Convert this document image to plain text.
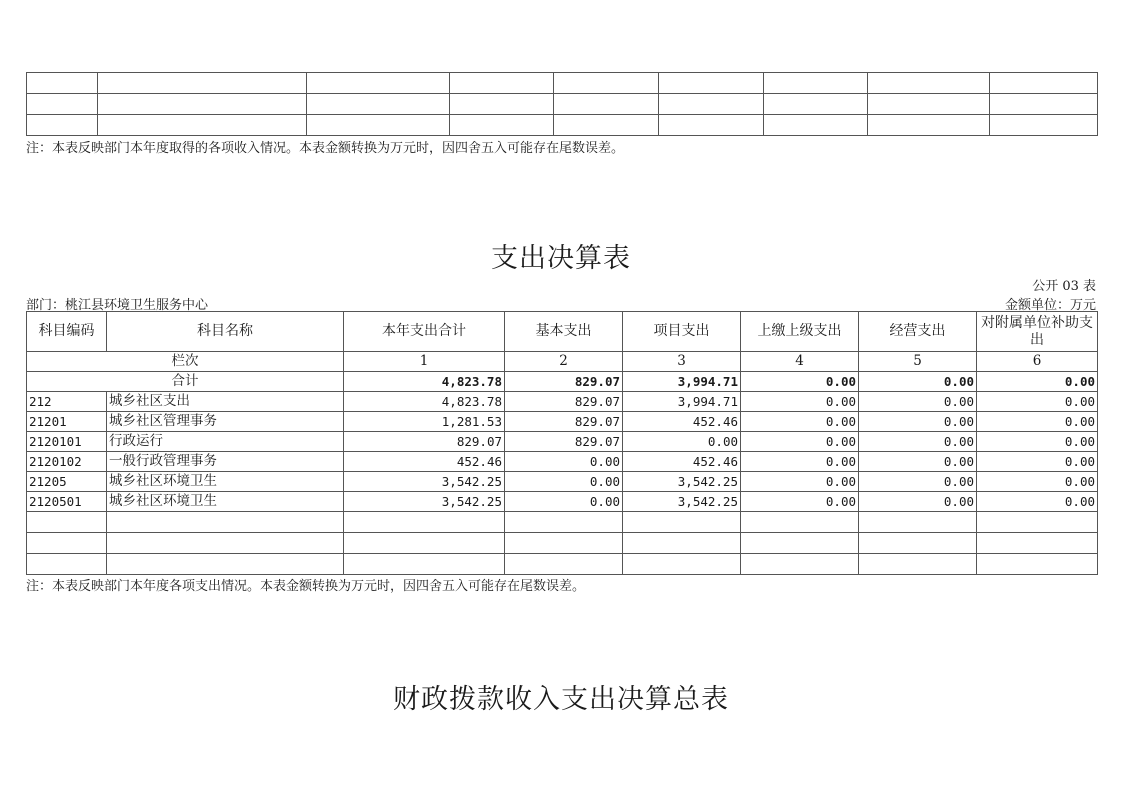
注：本表反映部门本年度取得的各项收入情况。本表金额转换为万元时，因四舍五入可能存在尾数误差。
支出决算表
公开 03 表
部门：桃江县环境卫生服务中心	金额单位：万元
科目编码	科目名称	本年支出合计	基本支出	项目支出	上缴上级支出	经营支出	对附属单位补助支出
栏次		1	2	3	4	5	6
合计		4,823.78	829.07	3,994.71	0.00	0.00	0.00
212	城乡社区支出	4,823.78	829.07	3,994.71	0.00	0.00	0.00
21201	城乡社区管理事务	1,281.53	829.07	452.46	0.00	0.00	0.00
2120101	行政运行	829.07	829.07	0.00	0.00	0.00	0.00
2120102	一般行政管理事务	452.46	0.00	452.46	0.00	0.00	0.00
21205	城乡社区环境卫生	3,542.25	0.00	3,542.25	0.00	0.00	0.00
2120501	城乡社区环境卫生	3,542.25	0.00	3,542.25	0.00	0.00	0.00

注：本表反映部门本年度各项支出情况。本表金额转换为万元时，因四舍五入可能存在尾数误差。
财政拨款收入支出决算总表
